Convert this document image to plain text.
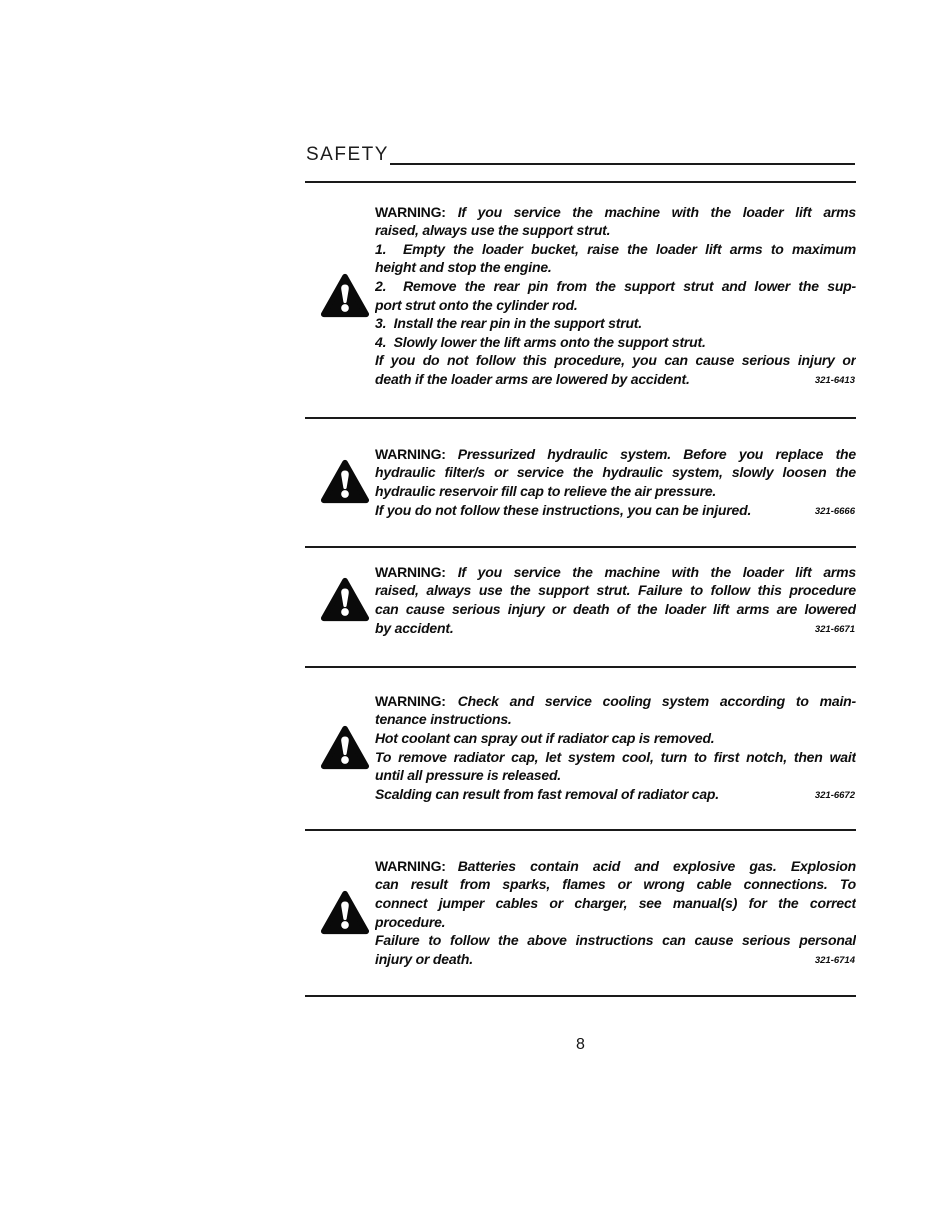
SAFETY
WARNING: If you service the machine with the loader lift arms
raised, always use the support strut.
1.  Empty the loader bucket, raise the loader lift arms to maximum
height and stop the engine.
2.  Remove the rear pin from the support strut and lower the sup-
port strut onto the cylinder rod.
3.  Install the rear pin in the support strut.
4.  Slowly lower the lift arms onto the support strut.
If you do not follow this procedure, you can cause serious injury or
death if the loader arms are lowered by accident.	321-6413
WARNING: Pressurized hydraulic system. Before you replace the
hydraulic filter/s or service the hydraulic system, slowly loosen the
hydraulic reservoir fill cap to relieve the air pressure.
If you do not follow these instructions, you can be injured.	321-6666
WARNING: If you service the machine with the loader lift arms
raised, always use the support strut. Failure to follow this procedure
can cause serious injury or death of the loader lift arms are lowered
by accident.	321-6671
WARNING: Check and service cooling system according to main-
tenance instructions.
Hot coolant can spray out if radiator cap is removed.
To remove radiator cap, let system cool, turn to first notch, then wait
until all pressure is released.
Scalding can result from fast removal of radiator cap.	321-6672
WARNING: Batteries contain acid and explosive gas. Explosion
can result from sparks, flames or wrong cable connections. To
connect jumper cables or charger, see manual(s) for the correct
procedure.
Failure to follow the above instructions can cause serious personal
injury or death.	321-6714
8
